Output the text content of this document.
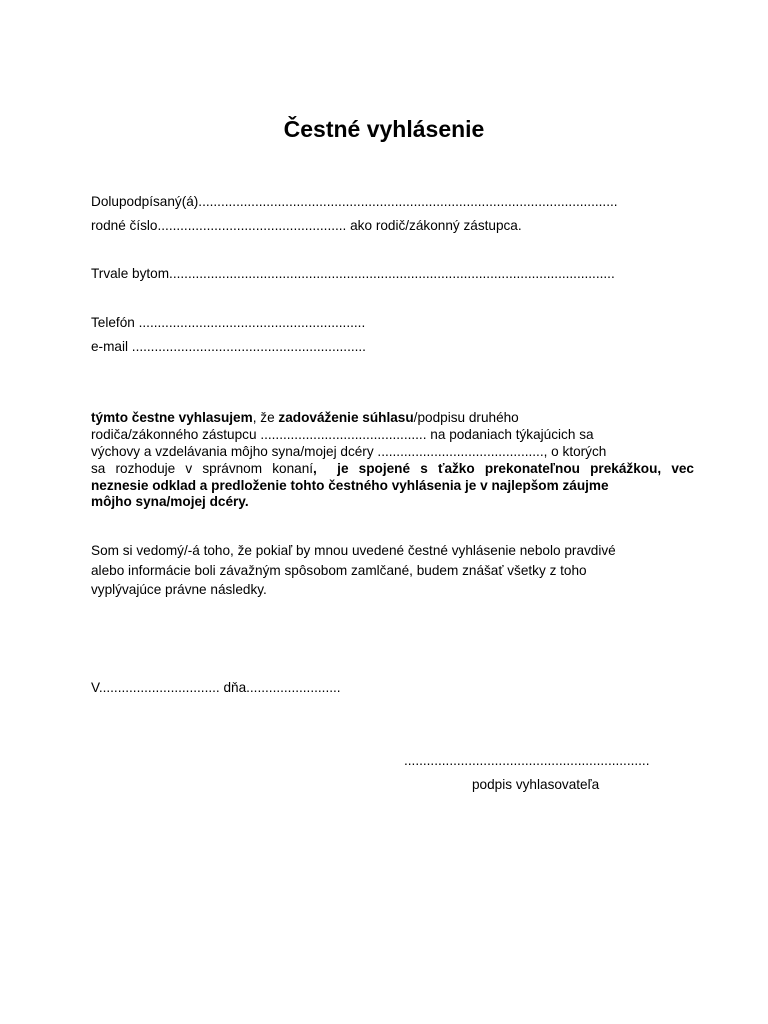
Čestné vyhlásenie
Dolupodpísaný(á)...............................................................................................................
rodné číslo.................................................. ako rodič/zákonný zástupca.
Trvale bytom......................................................................................................................
Telefón ............................................................
e-mail ..............................................................
týmto čestne vyhlasujem, že zadováženie súhlasu/podpisu druhého
rodiča/zákonného zástupcu ............................................ na podaniach týkajúcich sa
výchovy a vzdelávania môjho syna/mojej dcéry ............................................, o ktorých
sa rozhoduje v správnom konaní,  je spojené s ťažko prekonateľnou prekážkou, vec
neznesie odklad a predloženie tohto čestného vyhlásenia je v najlepšom záujme
môjho syna/mojej dcéry.
Som si vedomý/-á toho, že pokiaľ by mnou uvedené čestné vyhlásenie nebolo pravdivé
alebo informácie boli závažným spôsobom zamlčané, budem znášať všetky z toho
vyplývajúce právne následky.
V................................ dňa.........................
.................................................................
podpis vyhlasovateľa
